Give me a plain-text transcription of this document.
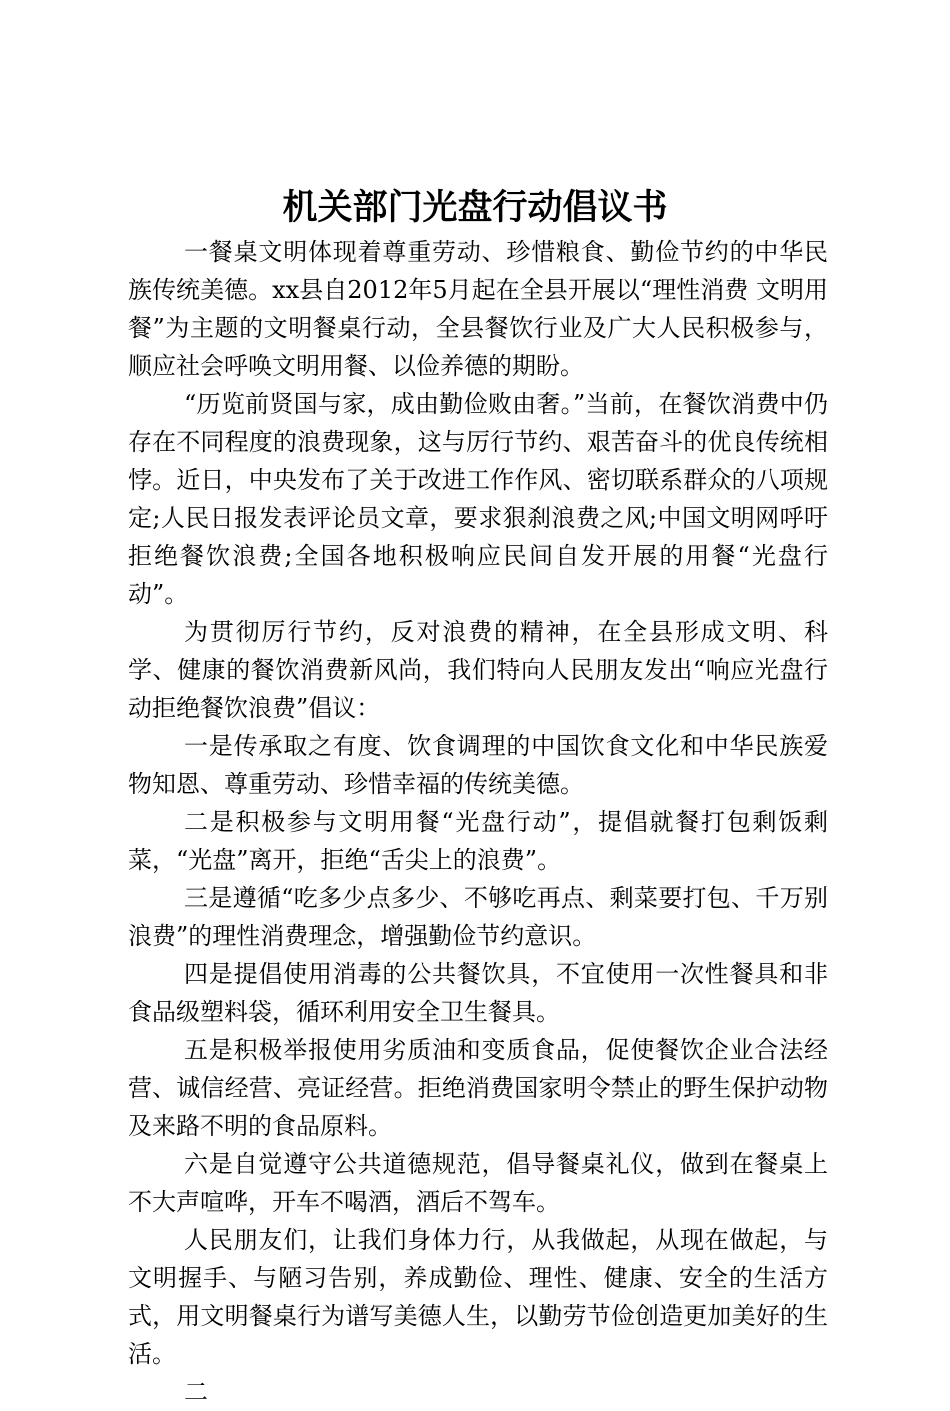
机关部门光盘行动倡议书

一餐桌文明体现着尊重劳动、珍惜粮食、勤俭节约的中华民族传统美德。xx县自2012年5月起在全县开展以“理性消费 文明用餐”为主题的文明餐桌行动，全县餐饮行业及广大人民积极参与，顺应社会呼唤文明用餐、以俭养德的期盼。

“历览前贤国与家，成由勤俭败由奢。”当前，在餐饮消费中仍存在不同程度的浪费现象，这与厉行节约、艰苦奋斗的优良传统相悖。近日，中央发布了关于改进工作作风、密切联系群众的八项规定;人民日报发表评论员文章，要求狠刹浪费之风;中国文明网呼吁拒绝餐饮浪费;全国各地积极响应民间自发开展的用餐“光盘行动”。

为贯彻厉行节约，反对浪费的精神，在全县形成文明、科学、健康的餐饮消费新风尚，我们特向人民朋友发出“响应光盘行动拒绝餐饮浪费”倡议：

一是传承取之有度、饮食调理的中国饮食文化和中华民族爱物知恩、尊重劳动、珍惜幸福的传统美德。

二是积极参与文明用餐“光盘行动”，提倡就餐打包剩饭剩菜，“光盘”离开，拒绝“舌尖上的浪费”。

三是遵循“吃多少点多少、不够吃再点、剩菜要打包、千万别浪费”的理性消费理念，增强勤俭节约意识。

四是提倡使用消毒的公共餐饮具，不宜使用一次性餐具和非食品级塑料袋，循环利用安全卫生餐具。

五是积极举报使用劣质油和变质食品，促使餐饮企业合法经营、诚信经营、亮证经营。拒绝消费国家明令禁止的野生保护动物及来路不明的食品原料。

六是自觉遵守公共道德规范，倡导餐桌礼仪，做到在餐桌上不大声喧哗，开车不喝酒，酒后不驾车。

人民朋友们，让我们身体力行，从我做起，从现在做起，与文明握手、与陋习告别，养成勤俭、理性、健康、安全的生活方式，用文明餐桌行为谱写美德人生，以勤劳节俭创造更加美好的生活。

二
